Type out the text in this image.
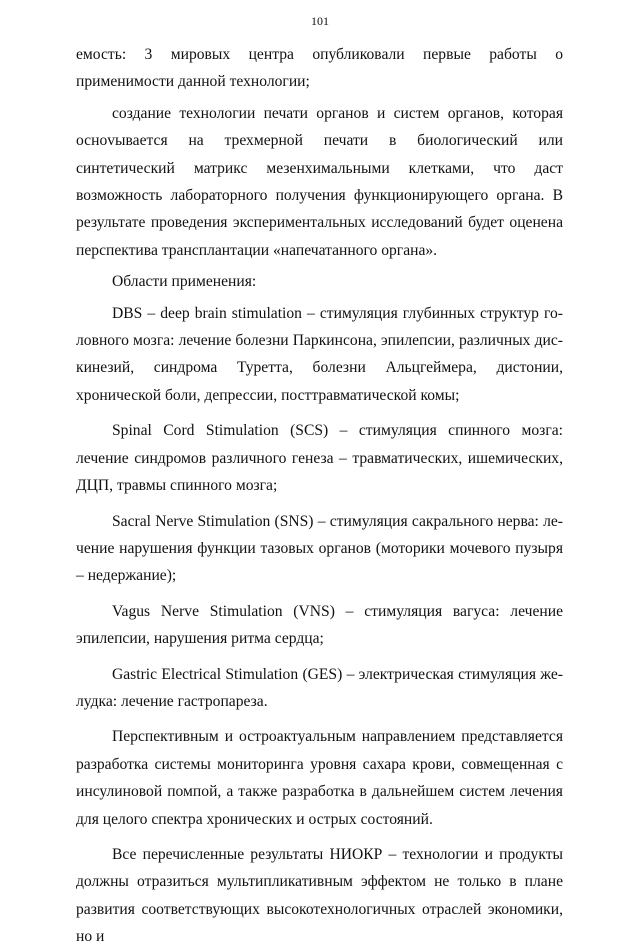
101

емость: 3 мировых центра опубликовали первые работы о применимости данной технологии;

создание технологии печати органов и систем органов, которая осноvывается на трехмерной печати в биологический или синтетический матрикс мезенхимальными клетками, что даст возможность лабораторного получения функционирующего органа. В результате проведения экспериментальных исследований будет оценена перспектива трансплантации «напечатанного органа».

Области применения:

DBS – deep brain stimulation – стимуляция глубинных структур головного мозга: лечение болезни Паркинсона, эпилепсии, различных дискинезий, синдрома Туретта, болезни Альцгеймера, дистонии, хронической боли, депрессии, посттравматической комы;

Spinal Cord Stimulation (SCS) – стимуляция спинного мозга: лечение синдромов различного генеза – травматических, ишемических, ДЦП, травмы спинного мозга;

Sacral Nerve Stimulation (SNS) – стимуляция сакрального нерва: лечение нарушения функции тазовых органов (моторики мочевого пузыря – недержание);

Vagus Nerve Stimulation (VNS) – стимуляция вагуса: лечение эпилепсии, нарушения ритма сердца;

Gastric Electrical Stimulation (GES) – электрическая стимуляция желудка: лечение гастропареза.

Перспективным и остроактуальным направлением представляется разработка системы мониторинга уровня сахара крови, совмещенная с инсулиновой помпой, а также разработка в дальнейшем систем лечения для целого спектра хронических и острых состояний.

Все перечисленные результаты НИОКР – технологии и продукты должны отразиться мультипликативным эффектом не только в плане развития соответствующих высокотехнологичных отраслей экономики, но и
